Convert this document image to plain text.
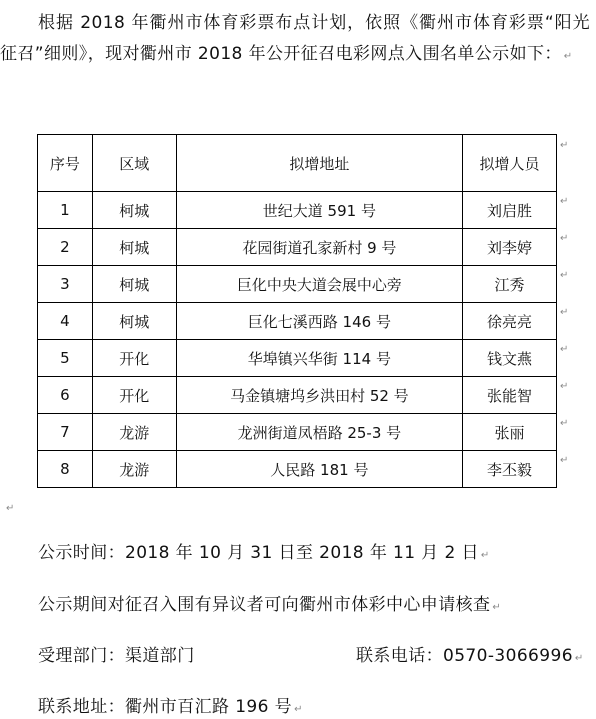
根据 2018 年衢州市体育彩票布点计划，依照《衢州市体育彩票“阳光征召”细则》，现对衢州市 2018 年公开征召电彩网点入围名单公示如下： ↵

序号	区域	拟增地址	拟增人员
1	柯城	世纪大道 591 号	刘启胜
2	柯城	花园街道孔家新村 9 号	刘李婷
3	柯城	巨化中央大道会展中心旁	江秀
4	柯城	巨化七溪西路 146 号	徐亮亮
5	开化	华埠镇兴华街 114 号	钱文燕
6	开化	马金镇塘坞乡洪田村 52 号	张能智
7	龙游	龙洲街道凤梧路 25-3 号	张丽
8	龙游	人民路 181 号	李丕毅
↵
↵
↵
↵
↵
↵
↵
↵
↵
↵

公示时间：2018 年 10 月 31 日至 2018 年 11 月 2 日 ↵

公示期间对征召入围有异议者可向衢州市体彩中心申请核查 ↵

受理部门：渠道部门	联系电话：0570-3066996 ↵

联系地址：衢州市百汇路 196 号 ↵
